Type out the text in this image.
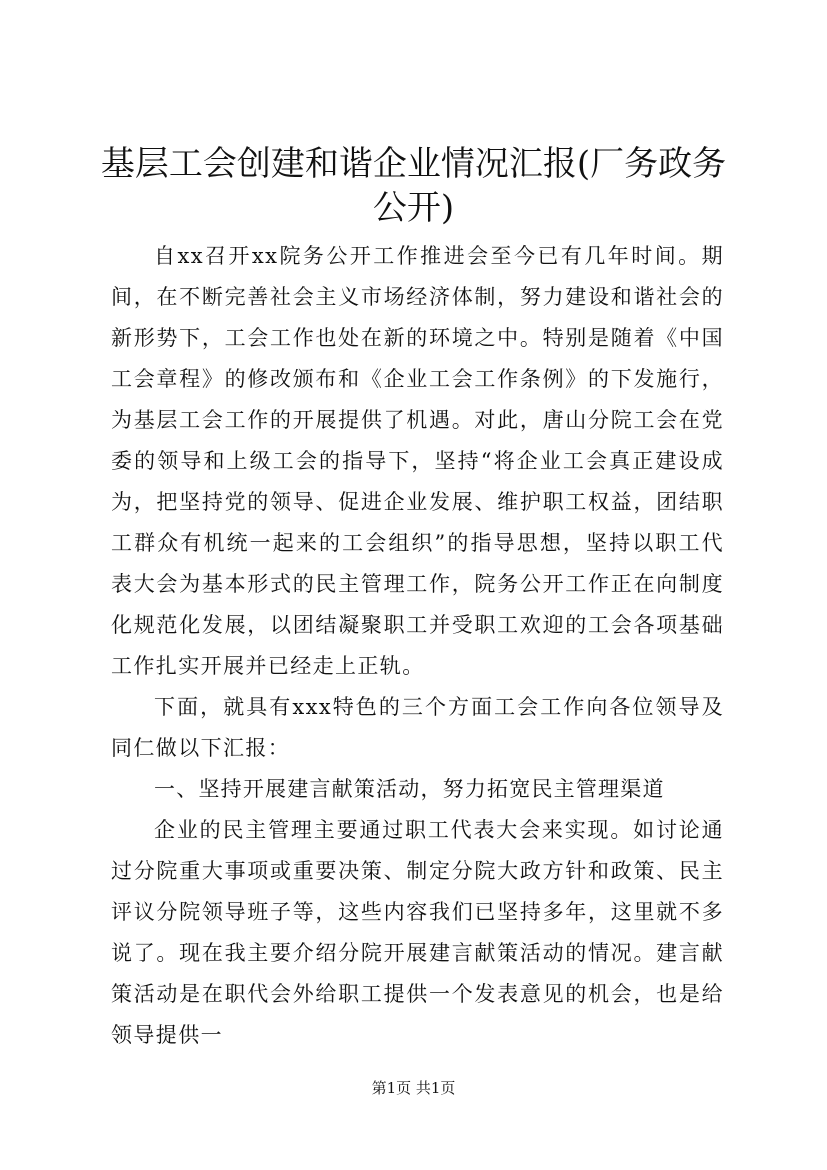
基层工会创建和谐企业情况汇报(厂务政务公开)

自xx召开xx院务公开工作推进会至今已有几年时间。期间，在不断完善社会主义市场经济体制，努力建设和谐社会的新形势下，工会工作也处在新的环境之中。特别是随着《中国工会章程》的修改颁布和《企业工会工作条例》的下发施行，为基层工会工作的开展提供了机遇。对此，唐山分院工会在党委的领导和上级工会的指导下，坚持“将企业工会真正建设成为，把坚持党的领导、促进企业发展、维护职工权益，团结职工群众有机统一起来的工会组织”的指导思想，坚持以职工代表大会为基本形式的民主管理工作，院务公开工作正在向制度化规范化发展，以团结凝聚职工并受职工欢迎的工会各项基础工作扎实开展并已经走上正轨。

下面，就具有xxx特色的三个方面工会工作向各位领导及同仁做以下汇报：

一、坚持开展建言献策活动，努力拓宽民主管理渠道

企业的民主管理主要通过职工代表大会来实现。如讨论通过分院重大事项或重要决策、制定分院大政方针和政策、民主评议分院领导班子等，这些内容我们已坚持多年，这里就不多说了。现在我主要介绍分院开展建言献策活动的情况。建言献策活动是在职代会外给职工提供一个发表意见的机会，也是给领导提供一

第1页 共1页
